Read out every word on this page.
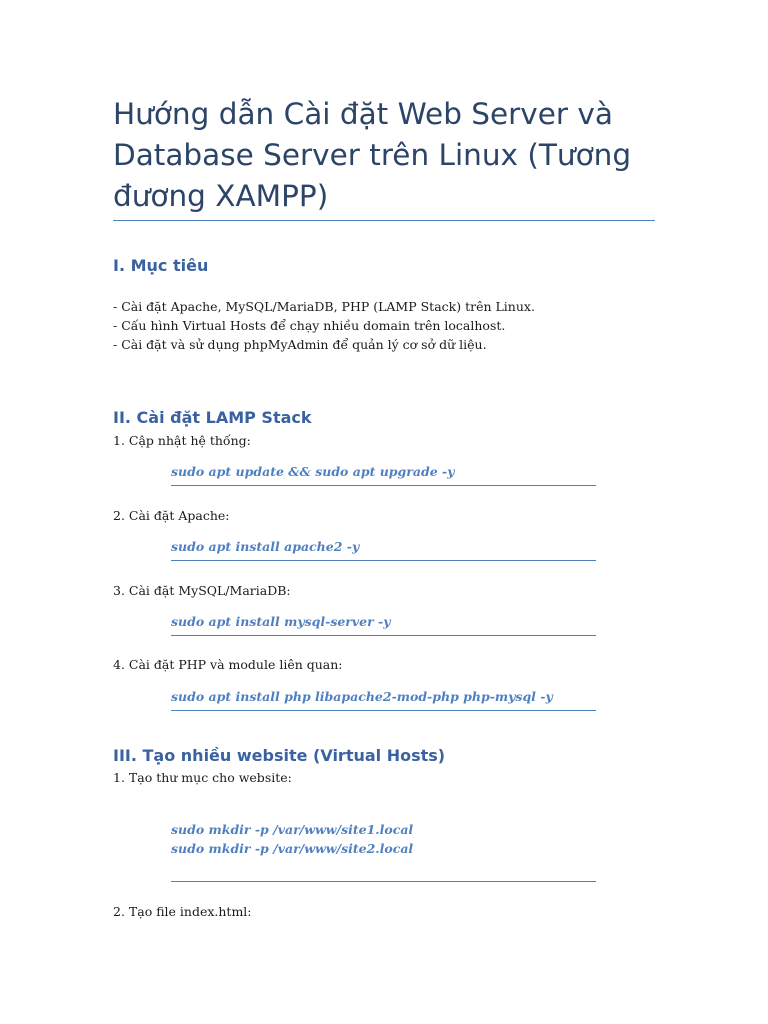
Hướng dẫn Cài đặt Web Server và Database Server trên Linux (Tương đương XAMPP)
I. Mục tiêu

- Cài đặt Apache, MySQL/MariaDB, PHP (LAMP Stack) trên Linux.

- Cấu hình Virtual Hosts để chạy nhiều domain trên localhost.

- Cài đặt và sử dụng phpMyAdmin để quản lý cơ sở dữ liệu.

II. Cài đặt LAMP Stack

1. Cập nhật hệ thống:

sudo apt update && sudo apt upgrade -y

2. Cài đặt Apache:

sudo apt install apache2 -y

3. Cài đặt MySQL/MariaDB:

sudo apt install mysql-server -y

4. Cài đặt PHP và module liên quan:

sudo apt install php libapache2-mod-php php-mysql -y
III. Tạo nhiều website (Virtual Hosts)

1. Tạo thư mục cho website:

sudo mkdir -p /var/www/site1.local
sudo mkdir -p /var/www/site2.local

2. Tạo file index.html:
